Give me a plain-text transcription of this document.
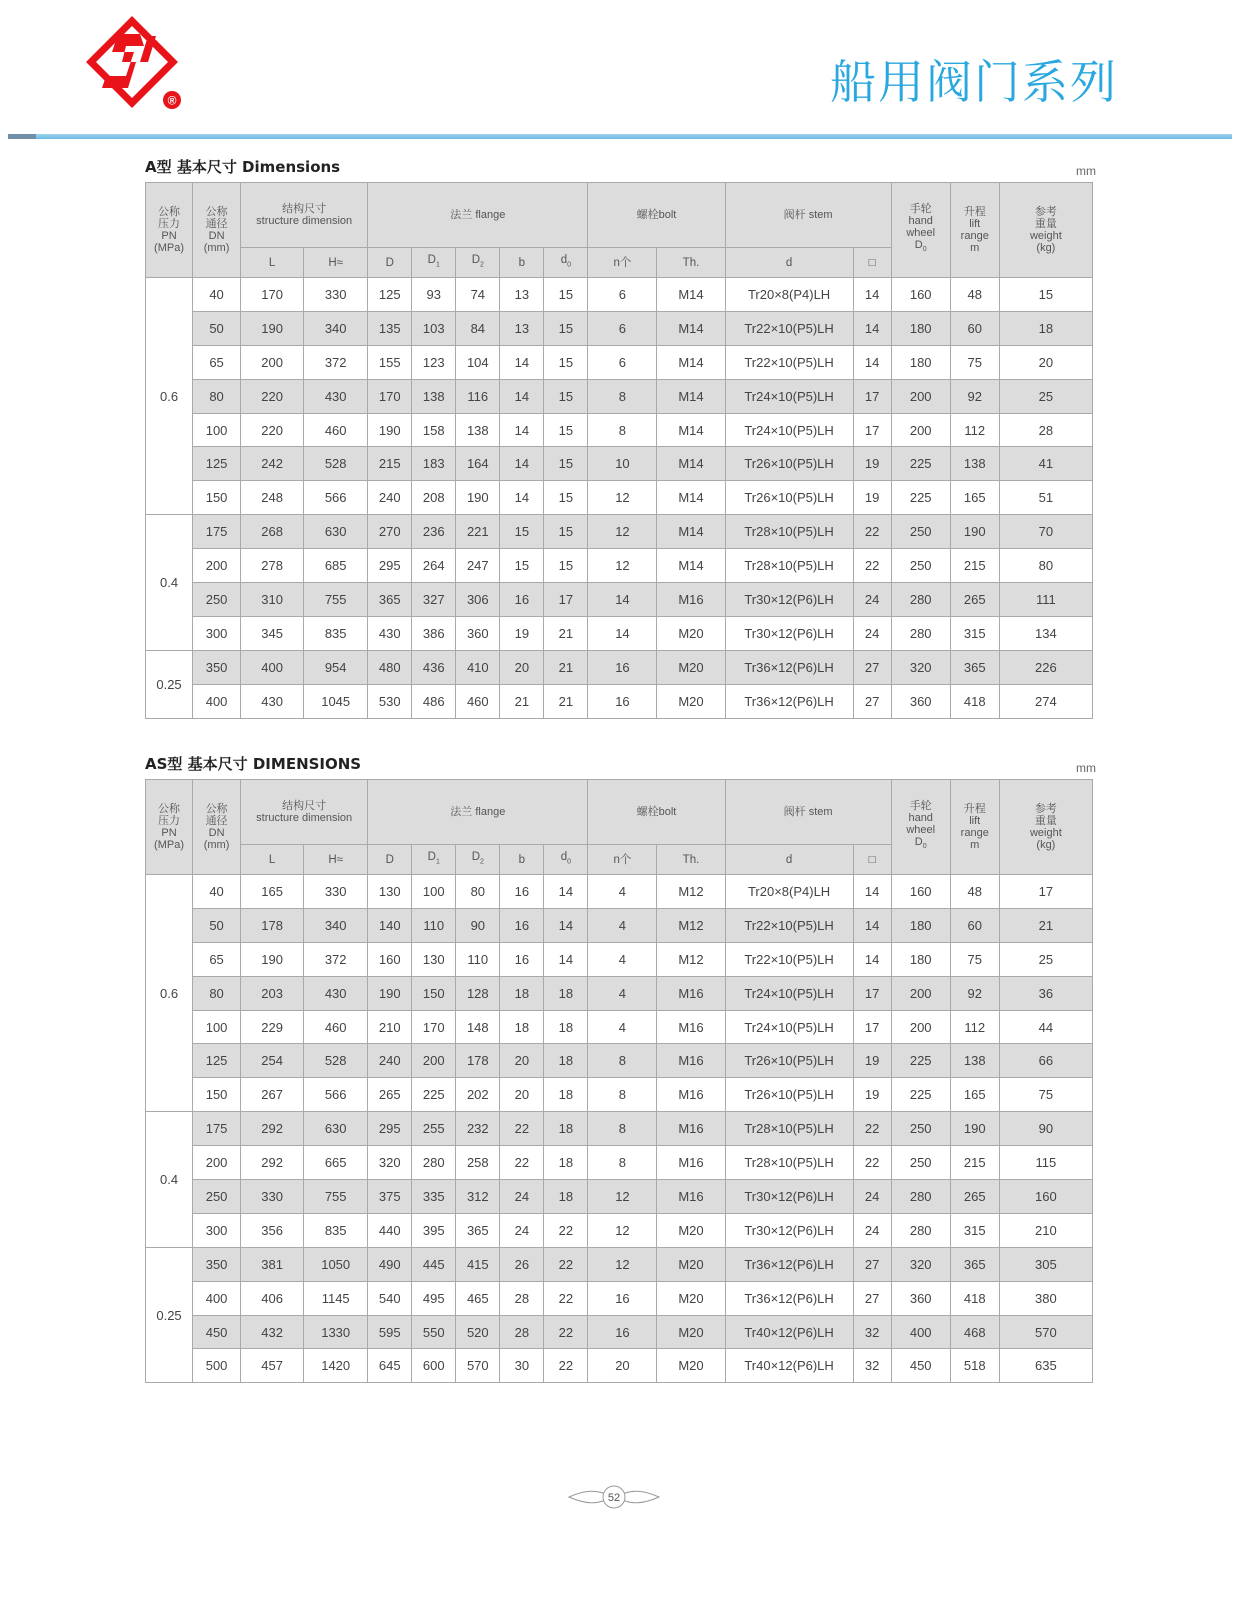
®	船用阀门系列
A型 基本尺寸 Dimensions	mm
公称
压力
PN
(MPa)	公称
通径
DN
(mm)	结构尺寸
structure dimension		法兰 flange					螺栓bolt		阀杆 stem		手轮
hand
wheel
$D_0$	升程
lift
range
m	参考
重量
weight
(kg)
		L	H≈	D	$D_1$	$D_2$	b	$d_0$	n个	Th.	d	□			
0.6	40	170	330	125	93	74	13	15	6	M14	Tr20×8(P4)LH	14	160	48	15
	50	190	340	135	103	84	13	15	6	M14	Tr22×10(P5)LH	14	180	60	18
	65	200	372	155	123	104	14	15	6	M14	Tr22×10(P5)LH	14	180	75	20
	80	220	430	170	138	116	14	15	8	M14	Tr24×10(P5)LH	17	200	92	25
	100	220	460	190	158	138	14	15	8	M14	Tr24×10(P5)LH	17	200	112	28
	125	242	528	215	183	164	14	15	10	M14	Tr26×10(P5)LH	19	225	138	41
	150	248	566	240	208	190	14	15	12	M14	Tr26×10(P5)LH	19	225	165	51
0.4	175	268	630	270	236	221	15	15	12	M14	Tr28×10(P5)LH	22	250	190	70
	200	278	685	295	264	247	15	15	12	M14	Tr28×10(P5)LH	22	250	215	80
	250	310	755	365	327	306	16	17	14	M16	Tr30×12(P6)LH	24	280	265	111
	300	345	835	430	386	360	19	21	14	M20	Tr30×12(P6)LH	24	280	315	134
0.25	350	400	954	480	436	410	20	21	16	M20	Tr36×12(P6)LH	27	320	365	226
	400	430	1045	530	486	460	21	21	16	M20	Tr36×12(P6)LH	27	360	418	274
AS型 基本尺寸 DIMENSIONS	mm
公称
压力
PN
(MPa)	公称
通径
DN
(mm)	结构尺寸
structure dimension		法兰 flange					螺栓bolt		阀杆 stem		手轮
hand
wheel
$D_0$	升程
lift
range
m	参考
重量
weight
(kg)
		L	H≈	D	$D_1$	$D_2$	b	$d_0$	n个	Th.	d	□			
0.6	40	165	330	130	100	80	16	14	4	M12	Tr20×8(P4)LH	14	160	48	17
	50	178	340	140	110	90	16	14	4	M12	Tr22×10(P5)LH	14	180	60	21
	65	190	372	160	130	110	16	14	4	M12	Tr22×10(P5)LH	14	180	75	25
	80	203	430	190	150	128	18	18	4	M16	Tr24×10(P5)LH	17	200	92	36
	100	229	460	210	170	148	18	18	4	M16	Tr24×10(P5)LH	17	200	112	44
	125	254	528	240	200	178	20	18	8	M16	Tr26×10(P5)LH	19	225	138	66
	150	267	566	265	225	202	20	18	8	M16	Tr26×10(P5)LH	19	225	165	75
0.4	175	292	630	295	255	232	22	18	8	M16	Tr28×10(P5)LH	22	250	190	90
	200	292	665	320	280	258	22	18	8	M16	Tr28×10(P5)LH	22	250	215	115
	250	330	755	375	335	312	24	18	12	M16	Tr30×12(P6)LH	24	280	265	160
	300	356	835	440	395	365	24	22	12	M20	Tr30×12(P6)LH	24	280	315	210
0.25	350	381	1050	490	445	415	26	22	12	M20	Tr36×12(P6)LH	27	320	365	305
	400	406	1145	540	495	465	28	22	16	M20	Tr36×12(P6)LH	27	360	418	380
	450	432	1330	595	550	520	28	22	16	M20	Tr40×12(P6)LH	32	400	468	570
	500	457	1420	645	600	570	30	22	20	M20	Tr40×12(P6)LH	32	450	518	635
52
